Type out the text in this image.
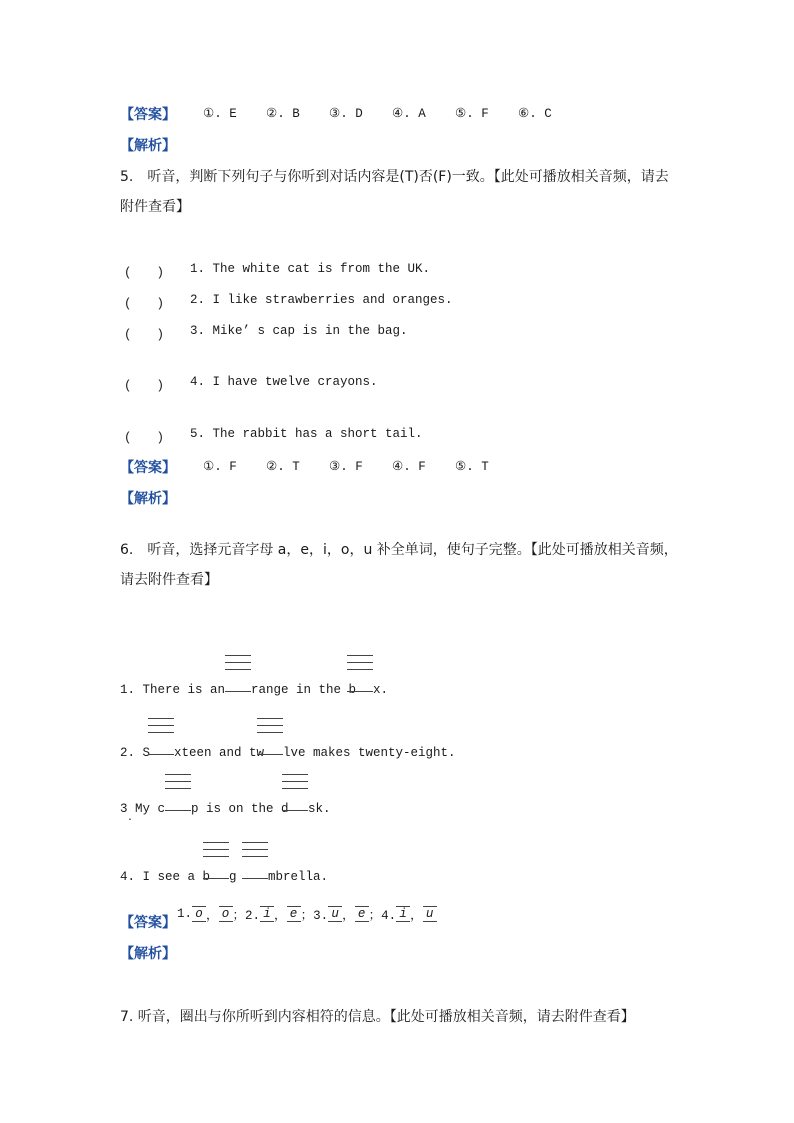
【答案】 ①. E ②. B ③. D ④. A ⑤. F ⑥. C
【解析】
5.　听音，判断下列句子与你听到对话内容是(T)否(F)一致。【此处可播放相关音频，请去
附件查看】
(　　) 1. The white cat is from the UK.
(　　) 2. I like strawberries and oranges.
(　　) 3. Mike’ s cap is in the bag.
(　　) 4. I have twelve crayons.
(　　) 5. The rabbit has a short tail.
【答案】 ①. F ②. T ③. F ④. F ⑤. T
【解析】
6.　听音，选择元音字母 a，e，i，o，u 补全单词，使句子完整。【此处可播放相关音频，
请去附件查看】
1. There is an range in the b x.
2. S xteen and tw lve makes twenty-eight.
3 My c p is on the d sk.
·
4. I see a b g	mbrella.
【答案】
1. o ， o ；2. i ， e ；3. u ， e ；4. i ， u
【解析】
7. 听音，圈出与你所听到内容相符的信息。【此处可播放相关音频，请去附件查看】
